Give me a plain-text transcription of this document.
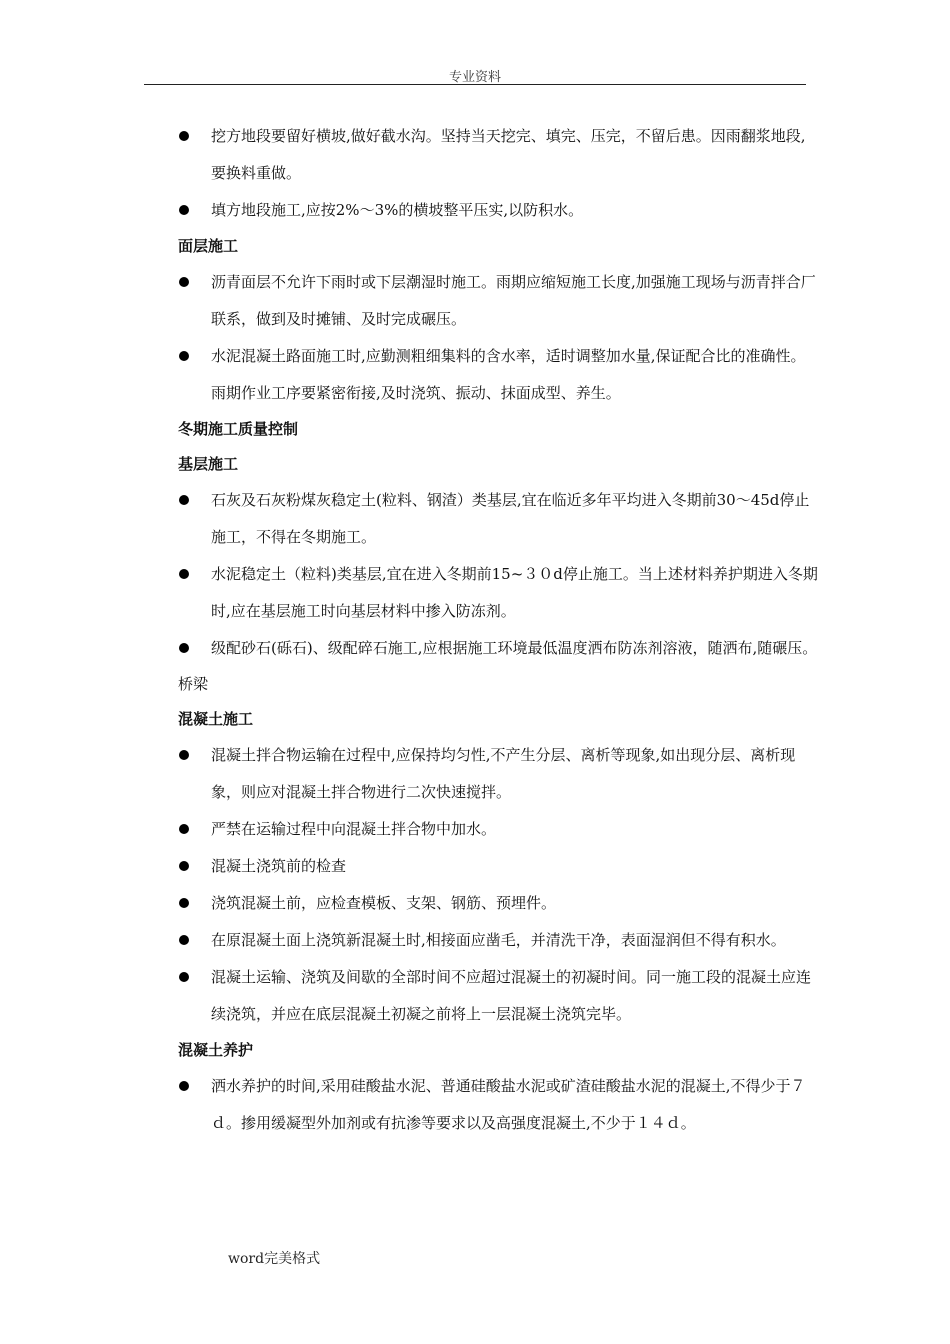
专业资料
挖方地段要留好横坡,做好截水沟。坚持当天挖完、填完、压完，不留后患。因雨翻浆地段,要换料重做。
填方地段施工,应按2%～3%的横坡整平压实,以防积水。
面层施工
沥青面层不允许下雨时或下层潮湿时施工。雨期应缩短施工长度,加强施工现场与沥青拌合厂联系，做到及时摊铺、及时完成碾压。
水泥混凝土路面施工时,应勤测粗细集料的含水率，适时调整加水量,保证配合比的准确性。雨期作业工序要紧密衔接,及时浇筑、振动、抹面成型、养生。
冬期施工质量控制
基层施工
石灰及石灰粉煤灰稳定土(粒料、钢渣）类基层,宜在临近多年平均进入冬期前30～45d停止施工，不得在冬期施工。
水泥稳定土（粒料)类基层,宜在进入冬期前15~３０d停止施工。当上述材料养护期进入冬期时,应在基层施工时向基层材料中掺入防冻剂。
级配砂石(砾石)、级配碎石施工,应根据施工环境最低温度洒布防冻剂溶液，随洒布,随碾压。
桥梁
混凝土施工
混凝土拌合物运输在过程中,应保持均匀性,不产生分层、离析等现象,如出现分层、离析现象，则应对混凝土拌合物进行二次快速搅拌。
严禁在运输过程中向混凝土拌合物中加水。
混凝土浇筑前的检查
浇筑混凝土前，应检查模板、支架、钢筋、预埋件。
在原混凝土面上浇筑新混凝土时,相接面应凿毛，并清洗干净，表面湿润但不得有积水。
混凝土运输、浇筑及间歇的全部时间不应超过混凝土的初凝时间。同一施工段的混凝土应连续浇筑，并应在底层混凝土初凝之前将上一层混凝土浇筑完毕。
混凝土养护
洒水养护的时间,采用硅酸盐水泥、普通硅酸盐水泥或矿渣硅酸盐水泥的混凝土,不得少于７ｄ。掺用缓凝型外加剂或有抗渗等要求以及高强度混凝土,不少于１４ｄ。
word完美格式
